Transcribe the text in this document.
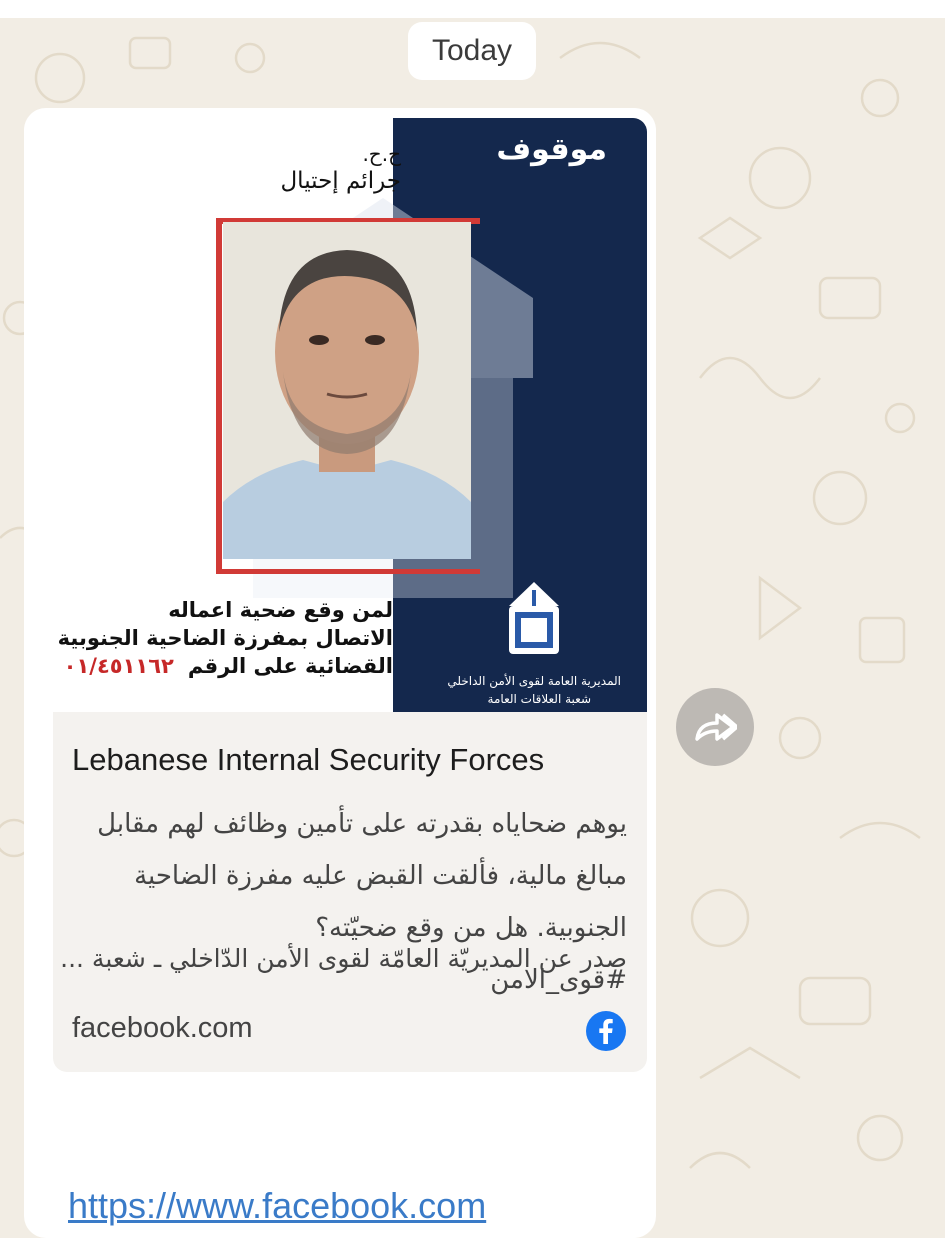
Today
موقوف
ح.ح.
جرائم إحتيال
لمن وقع ضحية اعماله
الاتصال بمفرزة الضاحية الجنوبية
القضائية على الرقم٠١/٤٥١١٦٢
المديرية العامة لقوى الأمن الداخلي
شعبة العلاقات العامة
Lebanese Internal Security Forces
يوهم ضحاياه بقدرته على تأمين وظائف لهم مقابل
مبالغ مالية، فألقت القبض عليه مفرزة الضاحية
الجنوبية. هل من وقع ضحيّته؟
#قوى_الامن
صدر عن المديريّة العامّة لقوى الأمن الدّاخلي ـ شعبة ...
facebook.com
https://www.facebook.com
